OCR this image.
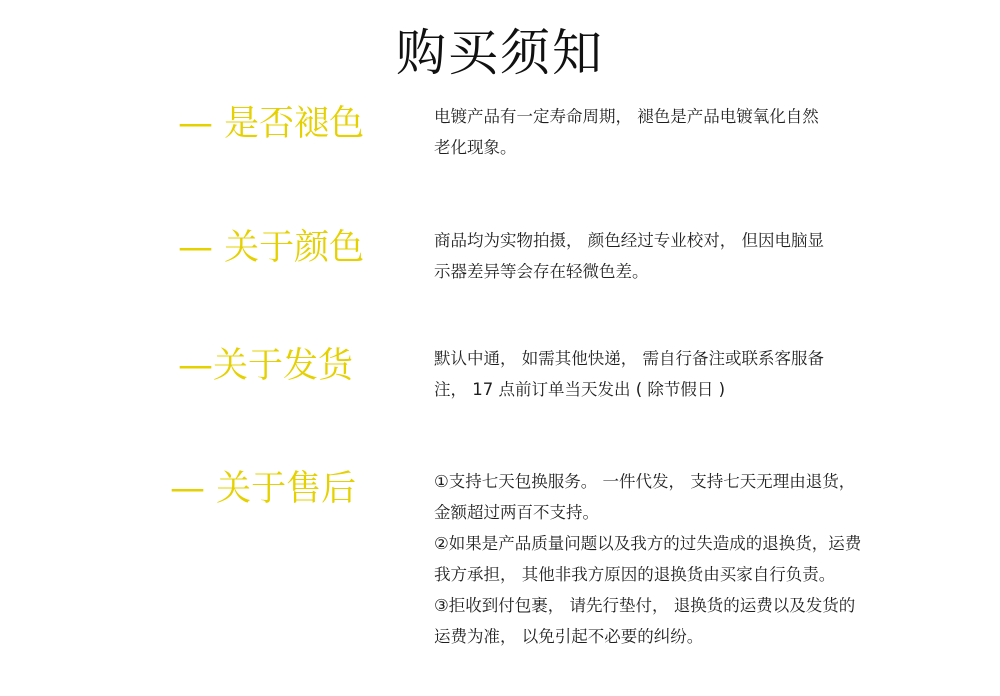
购买须知
— 是否褪色	电镀产品有一定寿命周期， 褪色是产品电镀氧化自然老化现象。

— 关于颜色	商品均为实物拍摄， 颜色经过专业校对， 但因电脑显示器差异等会存在轻微色差。

—关于发货	默认中通， 如需其他快递， 需自行备注或联系客服备注， 17 点前订单当天发出 ( 除节假日 )

— 关于售后	①支持七天包换服务。 一件代发， 支持七天无理由退货， 金额超过两百不支持。

②如果是产品质量问题以及我方的过失造成的退换货，运费我方承担， 其他非我方原因的退换货由买家自行负责。

③拒收到付包裹， 请先行垫付， 退换货的运费以及发货的运费为准， 以免引起不必要的纠纷。
